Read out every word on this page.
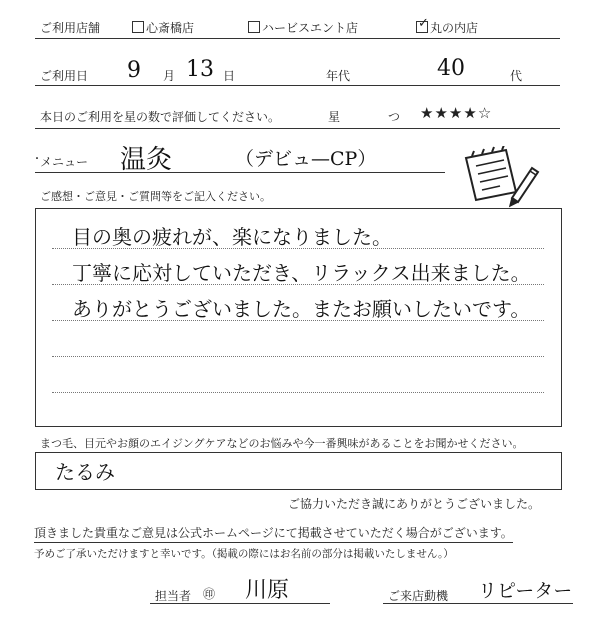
ご利用店舗	心斎橋店	ハービスエント店	✓ 丸の内店
ご利用日 9 月 13 日	年代	40	代
本日のご利用を星の数で評価してください。	星	つ ★★★★☆
・
メニュー 温灸	（デビュ—CP）
ご感想・ご意見・ご質問等をご記入ください。
目の奥の疲れが、楽になりました。
丁寧に応対していただき、リラックス出来ました。
ありがとうございました。またお願いしたいです。
まつ毛、目元やお顔のエイジングケアなどのお悩みや今一番興味があることをお聞かせください。
たるみ
ご協力いただき誠にありがとうございました。
頂きました貴重なご意見は公式ホームページにて掲載させていただく場合がございます。
予めご了承いただけますと幸いです。（掲載の際にはお名前の部分は掲載いたしません。）
担当者 ㊞ 川原	ご来店動機 リピーター
